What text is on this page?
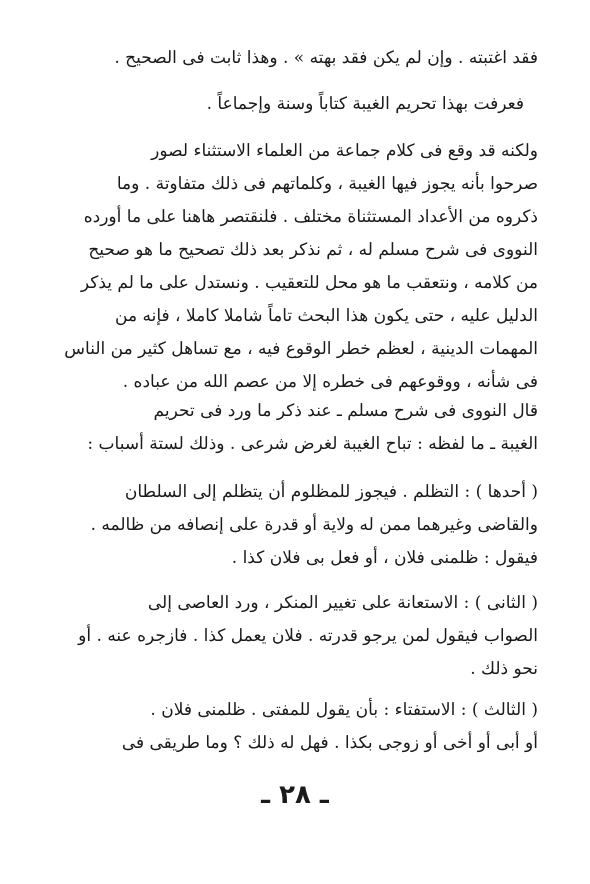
فقد اغتبته . وإن لم يكن فقد بهته » . وهذا ثابت فى الصحيح .

فعرفت بهذا تحريم الغيبة كتاباً وسنة وإجماعاً .

ولكنه قد وقع فى كلام جماعة من العلماء الاستثناء لصور
صرحوا بأنه يجوز فيها الغيبة ، وكلماتهم فى ذلك متفاوتة . وما
ذكروه من الأعداد المستثناة مختلف . فلنقتصر هاهنا على ما أورده
النووى فى شرح مسلم له ، ثم نذكر بعد ذلك تصحيح ما هو صحيح
من كلامه ، ونتعقب ما هو محل للتعقيب . ونستدل على ما لم يذكر
الدليل عليه ، حتى يكون هذا البحث تاماً شاملا كاملا ، فإنه من
المهمات الدينية ، لعظم خطر الوقوع فيه ، مع تساهل كثير من الناس
فى شأنه ، ووقوعهم فى خطره إلا من عصم الله من عباده .

قال النووى فى شرح مسلم ـ عند ذكر ما ورد فى تحريم
الغيبة ـ ما لفظه : تباح الغيبة لغرض شرعى . وذلك لستة أسباب :

( أحدها ) : التظلم . فيجوز للمظلوم أن يتظلم إلى السلطان
والقاضى وغيرهما ممن له ولاية أو قدرة على إنصافه من ظالمه .
فيقول : ظلمنى فلان ، أو فعل بى فلان كذا .

( الثانى ) : الاستعانة على تغيير المنكر ، ورد العاصى إلى
الصواب فيقول لمن يرجو قدرته . فلان يعمل كذا . فازجره عنه . أو
نحو ذلك .

( الثالث ) : الاستفتاء : بأن يقول للمفتى . ظلمنى فلان .
أو أبى أو أخى أو زوجى بكذا . فهل له ذلك ؟ وما طريقى فى

ـ ٢٨ ـ
